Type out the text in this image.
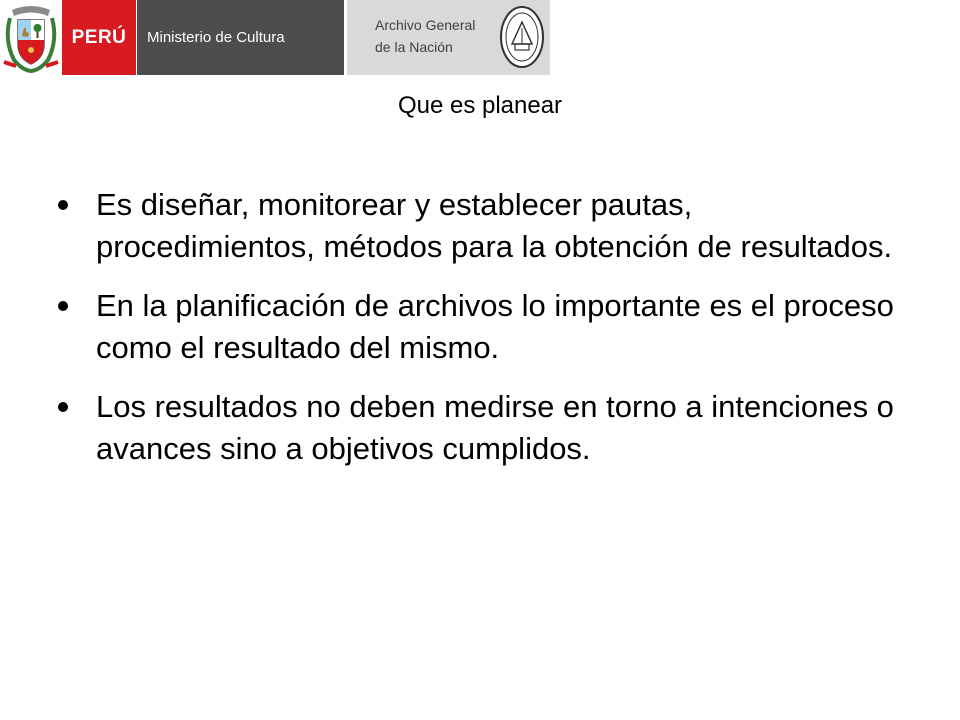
PERÚ Ministerio de Cultura
Archivo General
de la Nación
Que es planear
Es diseñar, monitorear y establecer pautas, procedimientos, métodos para la obtención de resultados.
En la planificación de archivos lo importante es el proceso como el resultado del mismo.
Los resultados no deben medirse en torno a intenciones o avances sino a objetivos cumplidos.
